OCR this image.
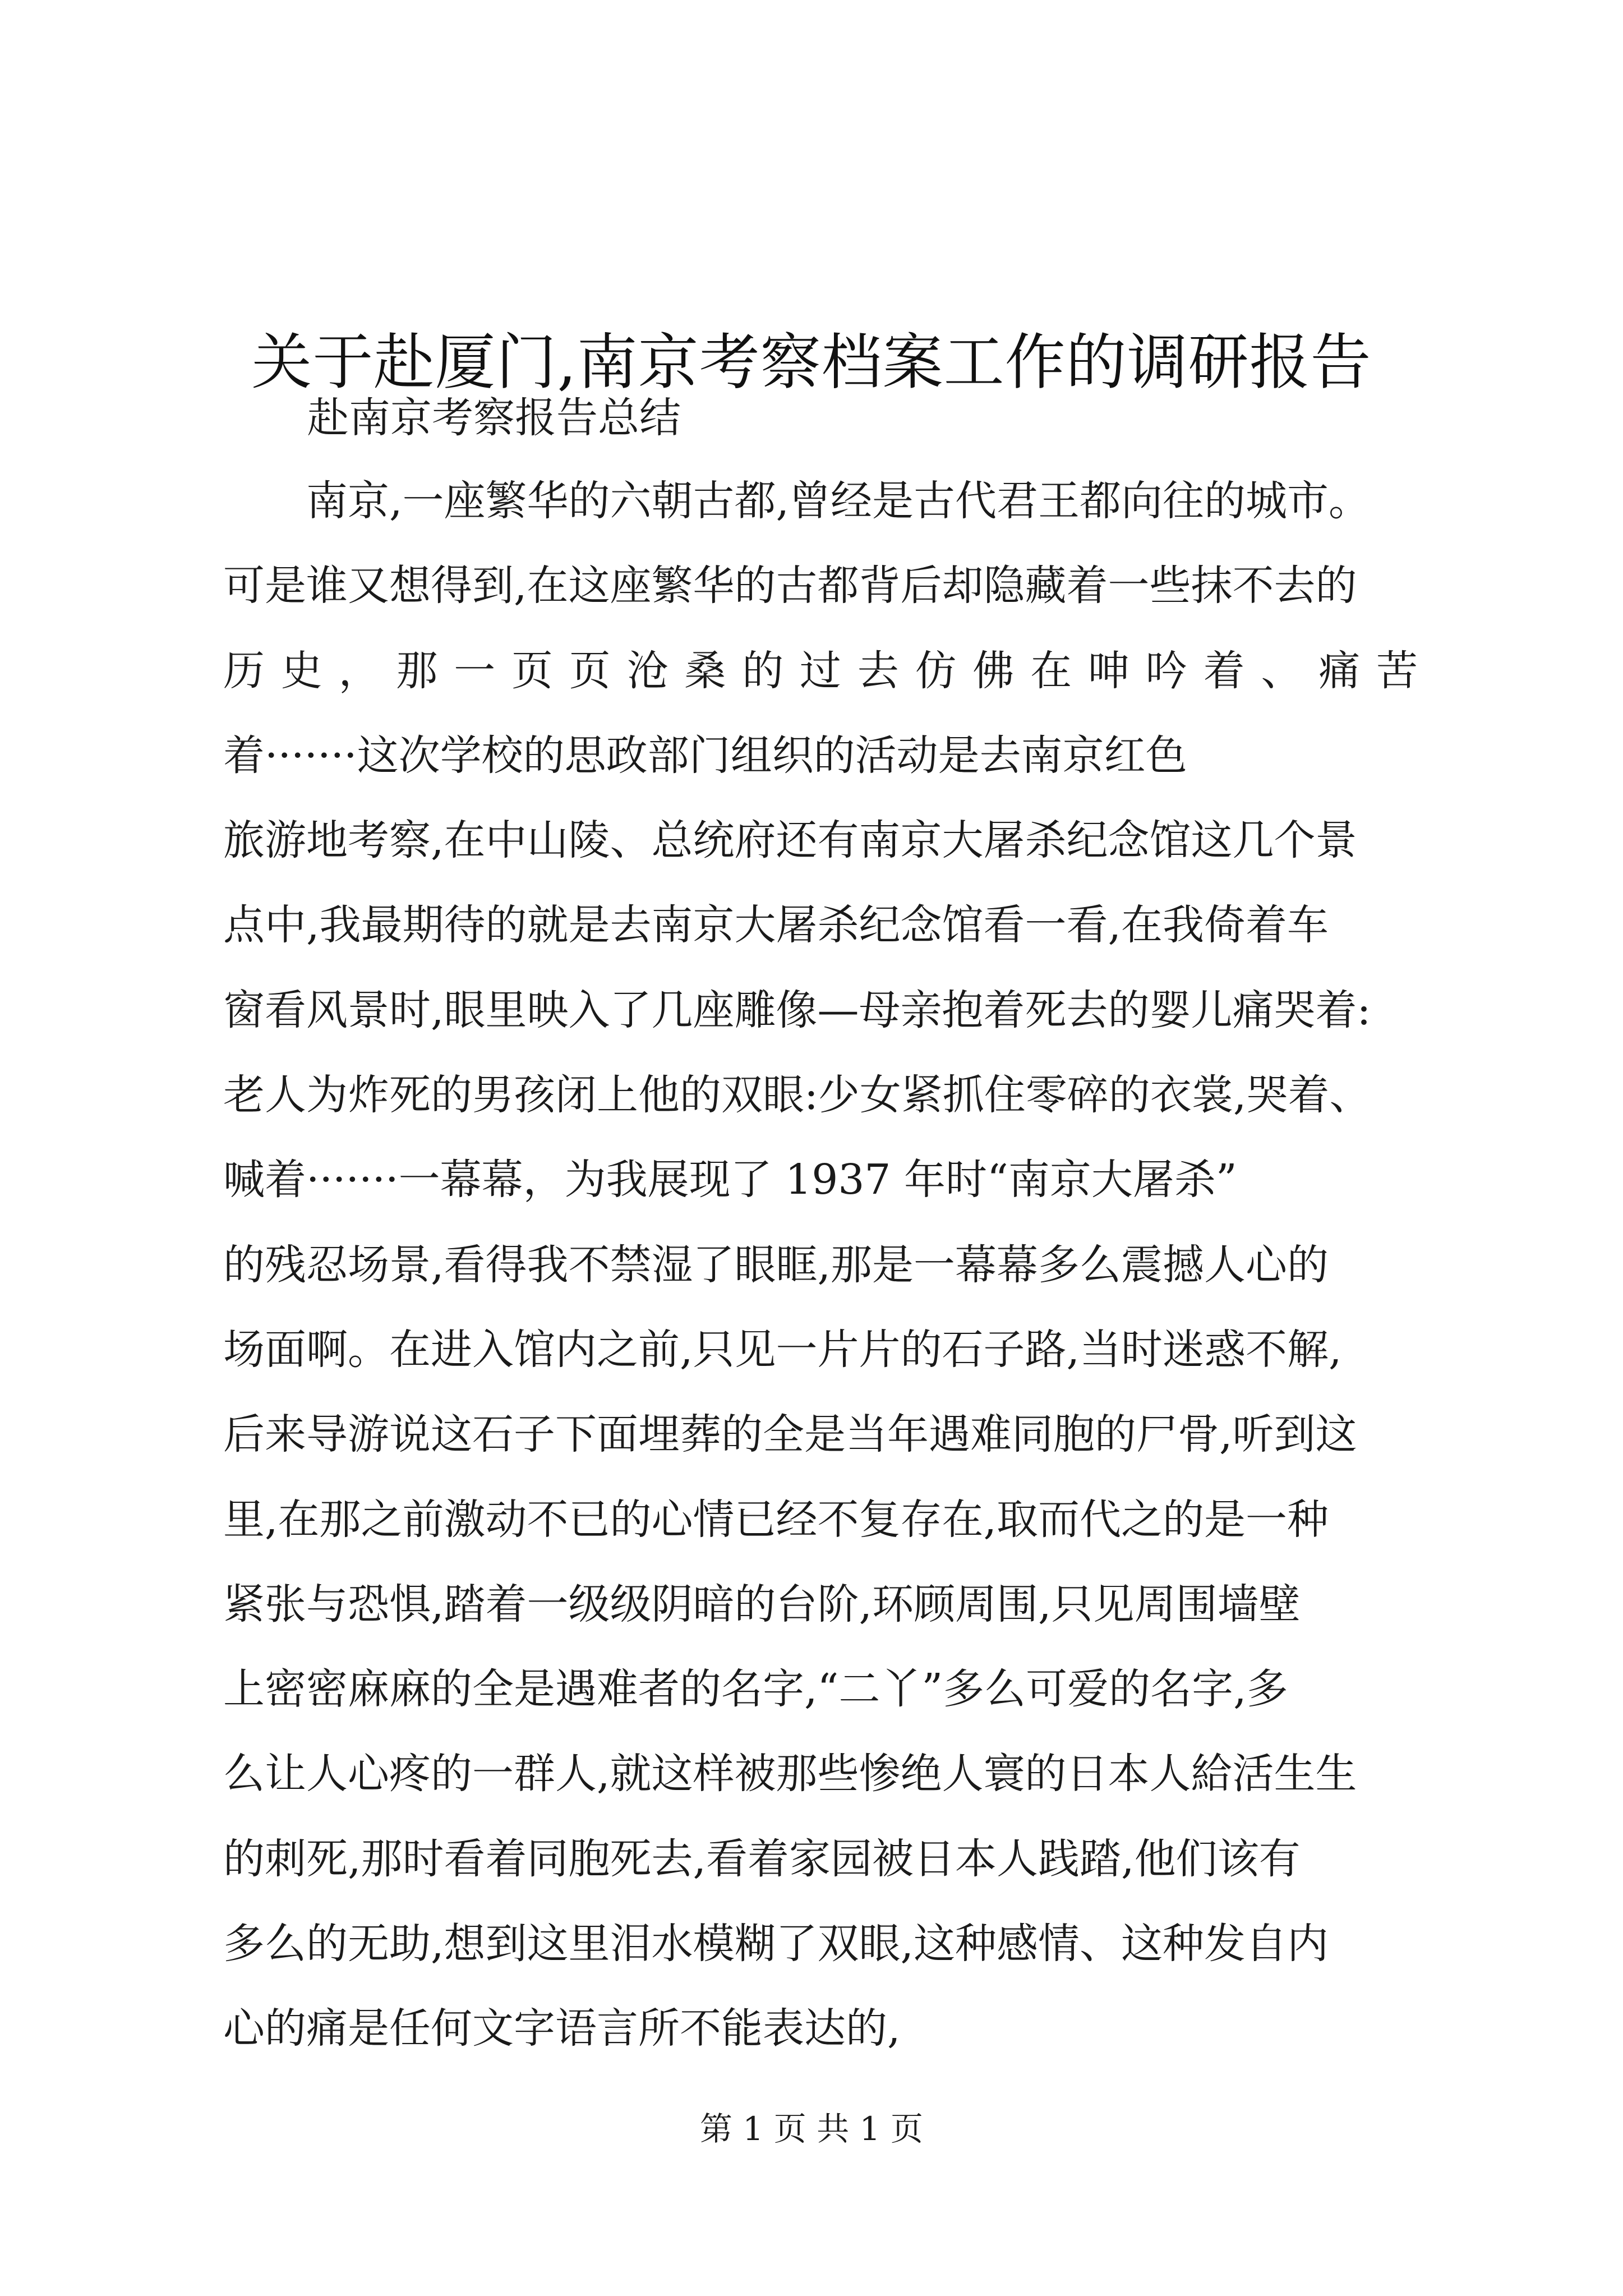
关于赴厦门,南京考察档案工作的调研报告
赴南京考察报告总结
　　南京,一座繁华的六朝古都,曾经是古代君王都向往的城市。
可是谁又想得到,在这座繁华的古都背后却隐藏着一些抹不去的
历史，那一页页沧桑的过去仿佛在呻吟着、痛苦
着·······这次学校的思政部门组织的活动是去南京红色
旅游地考察,在中山陵、总统府还有南京大屠杀纪念馆这几个景
点中,我最期待的就是去南京大屠杀纪念馆看一看,在我倚着车
窗看风景时,眼里映入了几座雕像—母亲抱着死去的婴儿痛哭着:
老人为炸死的男孩闭上他的双眼:少女紧抓住零碎的衣裳,哭着、
喊着·······一幕幕，为我展现了 1937 年时“南京大屠杀”
的残忍场景,看得我不禁湿了眼眶,那是一幕幕多么震撼人心的
场面啊。在进入馆内之前,只见一片片的石子路,当时迷惑不解,
后来导游说这石子下面埋葬的全是当年遇难同胞的尸骨,听到这
里,在那之前激动不已的心情已经不复存在,取而代之的是一种
紧张与恐惧,踏着一级级阴暗的台阶,环顾周围,只见周围墙壁
上密密麻麻的全是遇难者的名字,“二丫”多么可爱的名字,多
么让人心疼的一群人,就这样被那些惨绝人寰的日本人給活生生
的刺死,那时看着同胞死去,看着家园被日本人践踏,他们该有
多么的无助,想到这里泪水模糊了双眼,这种感情、这种发自内
心的痛是任何文字语言所不能表达的,
第 1 页 共 1 页
